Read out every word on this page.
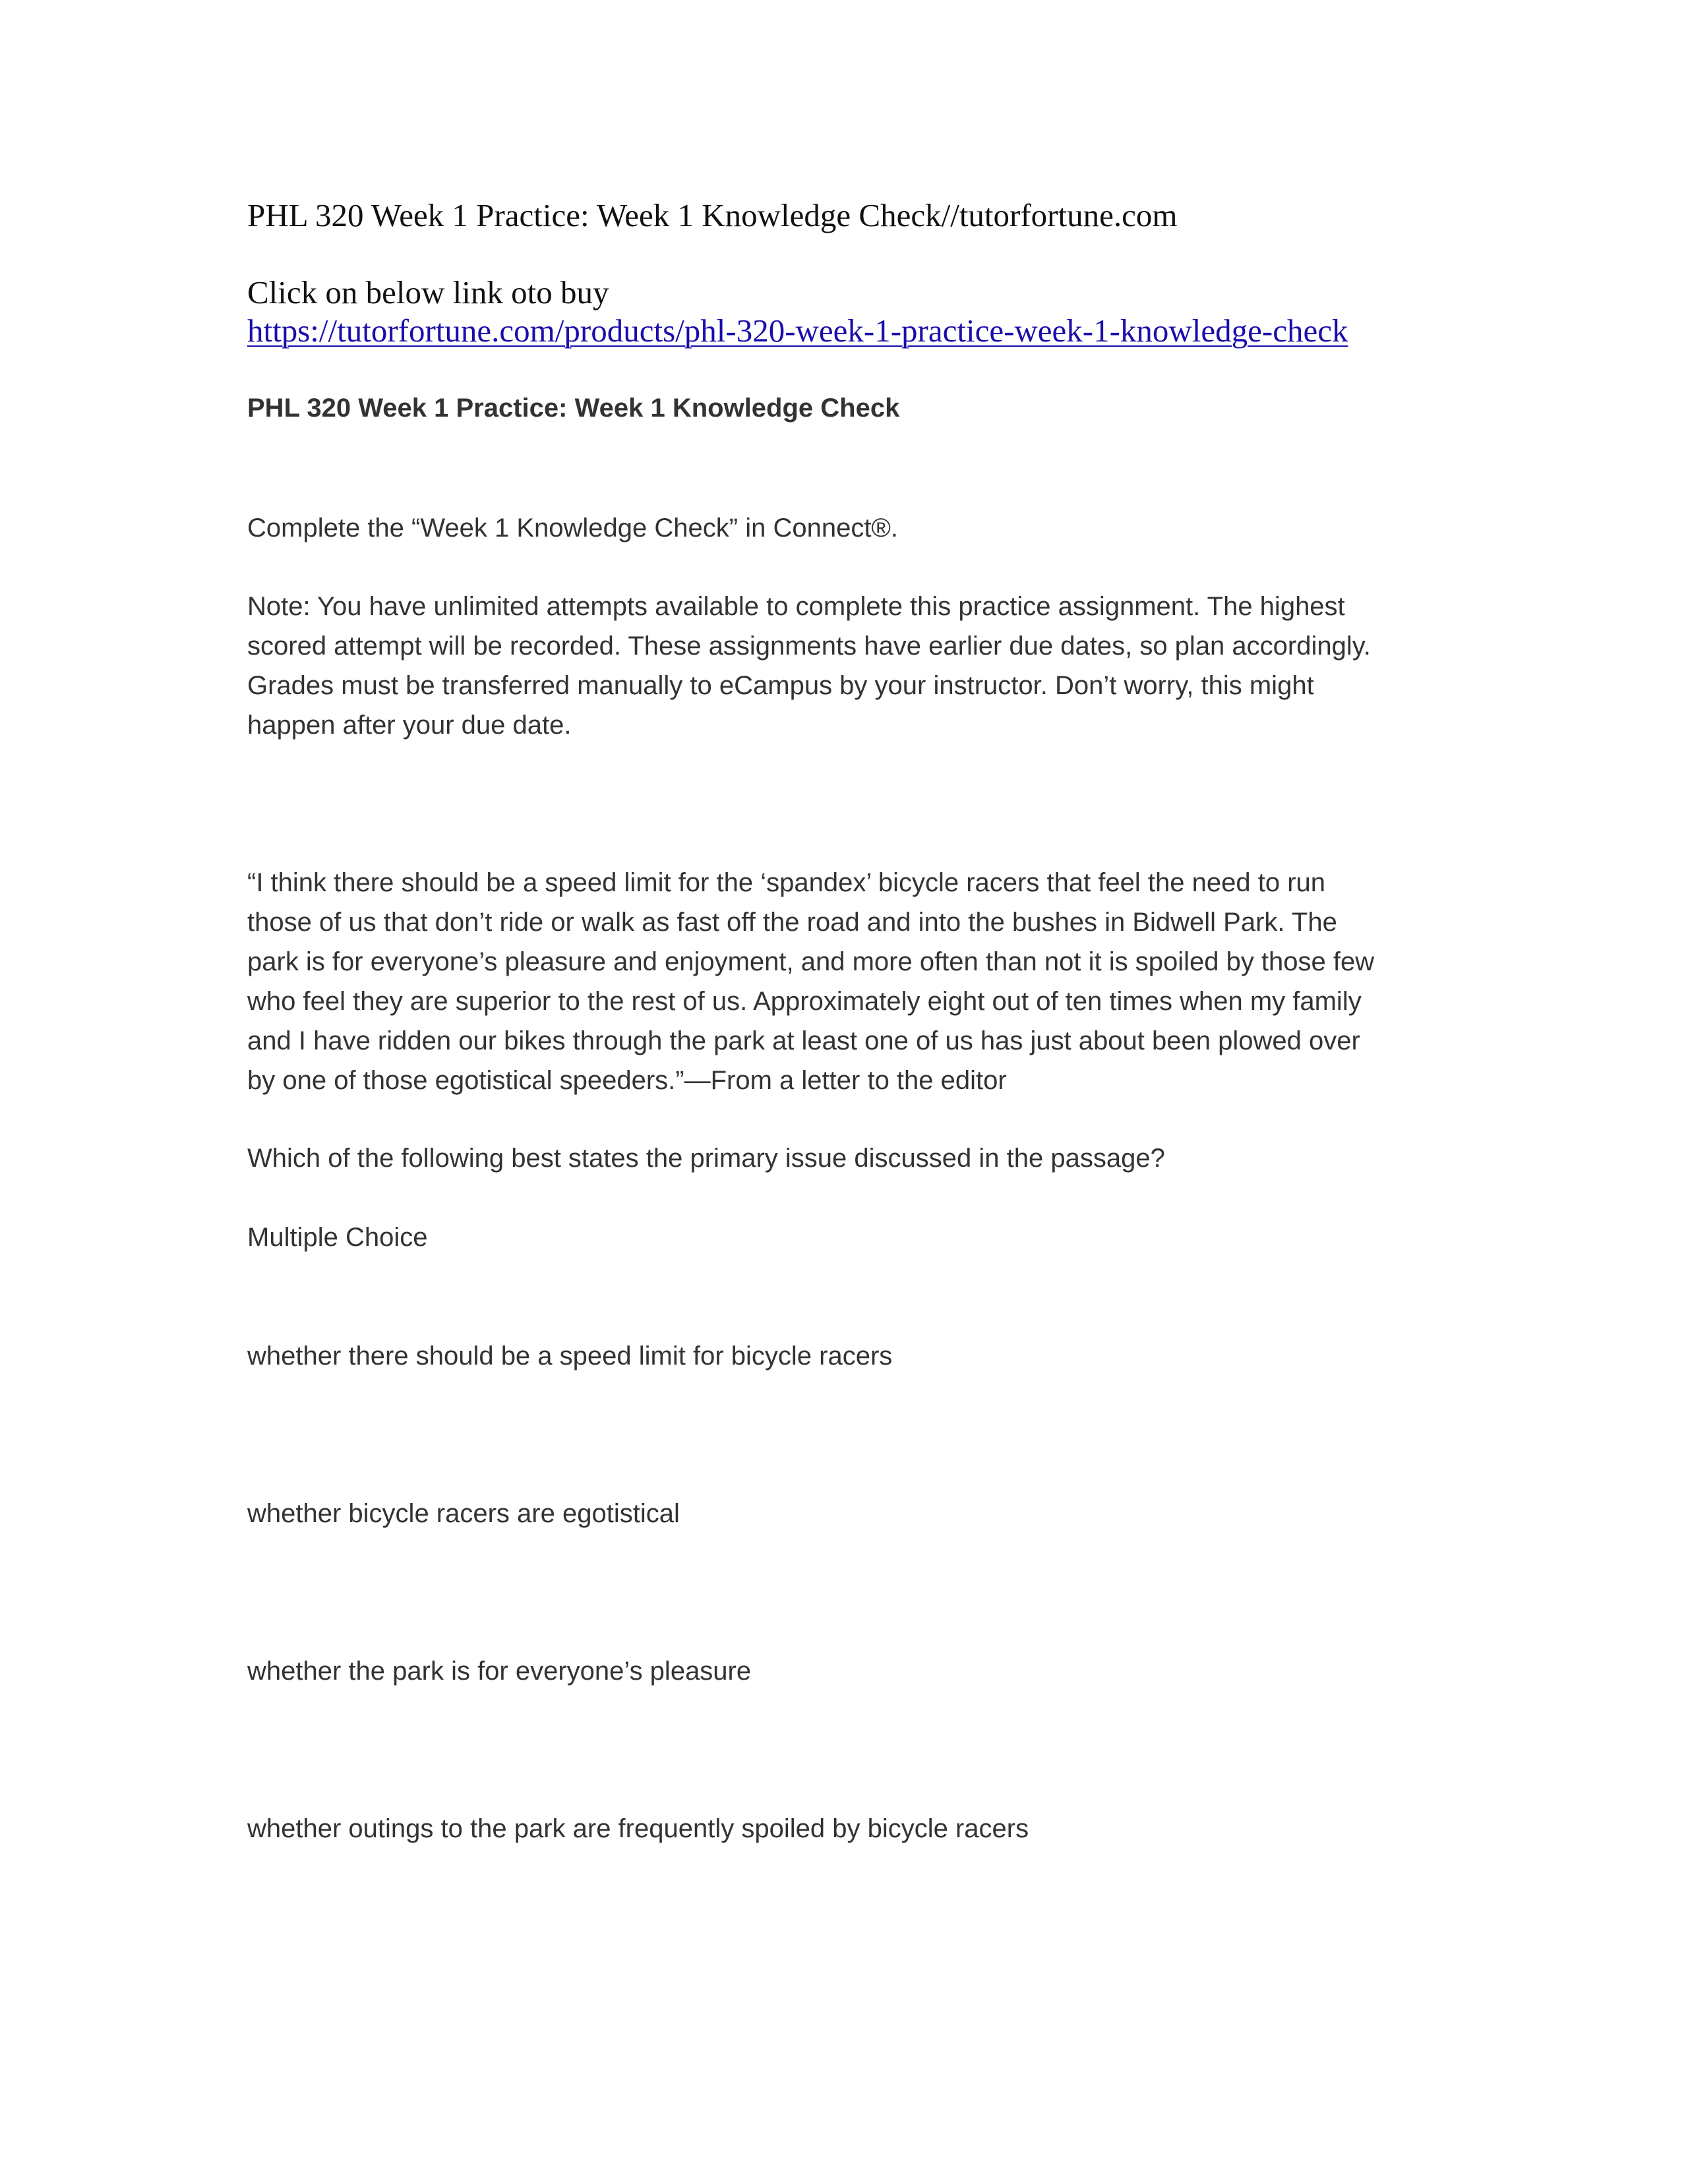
PHL 320 Week 1 Practice: Week 1 Knowledge Check//tutorfortune.com
Click on below link oto buy
https://tutorfortune.com/products/phl-320-week-1-practice-week-1-knowledge-check
PHL 320 Week 1 Practice: Week 1 Knowledge Check

Complete the “Week 1 Knowledge Check” in Connect®.

Note: You have unlimited attempts available to complete this practice assignment. The highest
scored attempt will be recorded. These assignments have earlier due dates, so plan accordingly.
Grades must be transferred manually to eCampus by your instructor. Don’t worry, this might
happen after your due date.

“I think there should be a speed limit for the ‘spandex’ bicycle racers that feel the need to run
those of us that don’t ride or walk as fast off the road and into the bushes in Bidwell Park. The
park is for everyone’s pleasure and enjoyment, and more often than not it is spoiled by those few
who feel they are superior to the rest of us. Approximately eight out of ten times when my family
and I have ridden our bikes through the park at least one of us has just about been plowed over
by one of those egotistical speeders.”—From a letter to the editor

Which of the following best states the primary issue discussed in the passage?

Multiple Choice

whether there should be a speed limit for bicycle racers
whether bicycle racers are egotistical
whether the park is for everyone’s pleasure
whether outings to the park are frequently spoiled by bicycle racers
